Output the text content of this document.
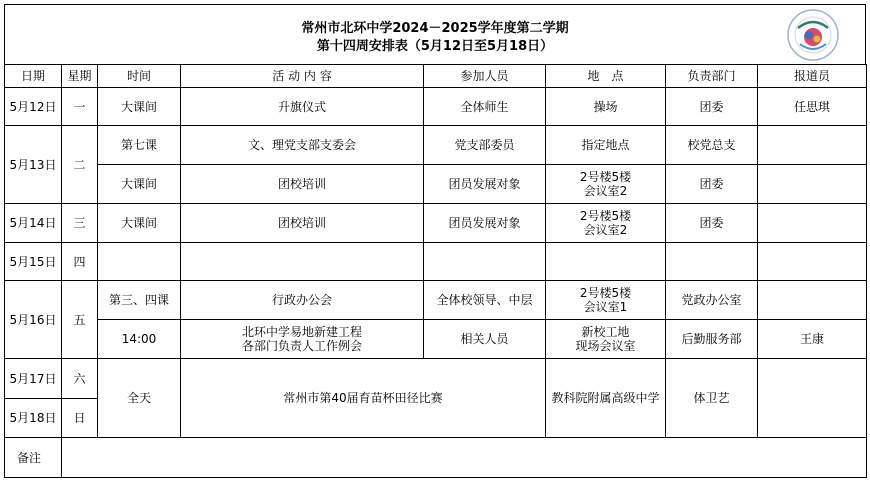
常州市北环中学2024－2025学年度第二学期
第十四周安排表（5月12日至5月18日）
日期	星期	时间	活 动 内 容	参加人员	地　点	负责部门	报道员
5月12日	一	大课间	升旗仪式	全体师生	操场	团委	任思琪
5月13日	二	第七课	文、理党支部支委会	党支部委员	指定地点	校党总支	
		大课间	团校培训	团员发展对象	2号楼5楼
会议室2	团委	
5月14日	三	大课间	团校培训	团员发展对象	2号楼5楼
会议室2	团委	
5月15日	四						
5月16日	五	第三、四课	行政办公会	全体校领导、中层	2号楼5楼
会议室1	党政办公室	
		14:00	北环中学易地新建工程
各部门负责人工作例会	相关人员	新校工地
现场会议室	后勤服务部	王康
5月17日	六	全天	常州市第40届育苗杯田径比赛		教科院附属高级中学	体卫艺	
5月18日	日						
备注							
